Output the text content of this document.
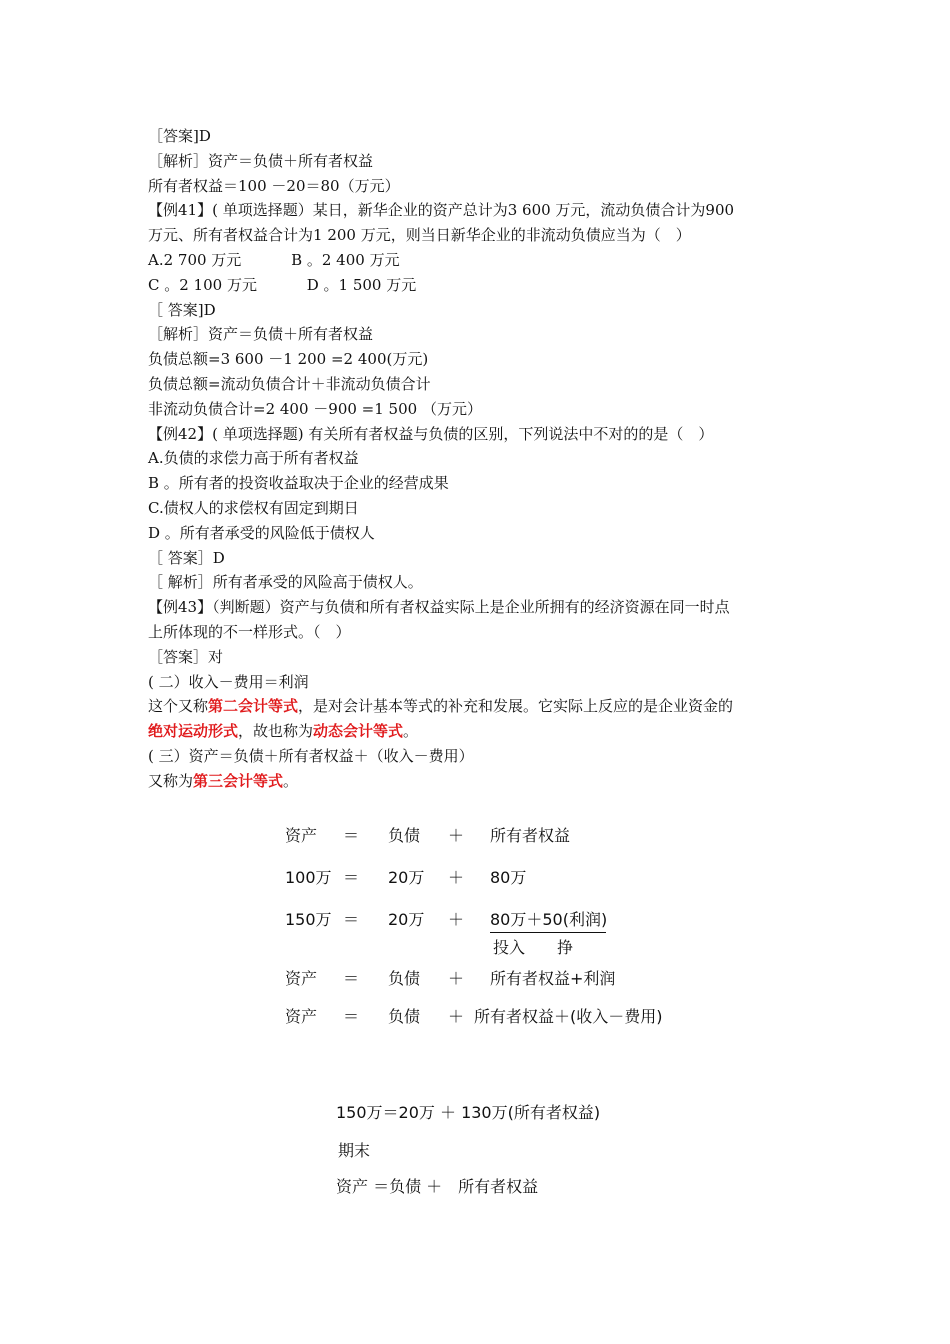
［答案]D
［解析］资产＝负债＋所有者权益
所有者权益＝100 －20＝80（万元）
【例41】( 单项选择题）某日，新华企业的资产总计为3 600 万元，流动负债合计为900
万元、所有者权益合计为1 200 万元，则当日新华企业的非流动负债应当为（　）
A.2 700 万元　　　 B 。2 400 万元
C 。2 100 万元　　　 D 。1 500 万元
［ 答案]D
［解析］资产＝负债＋所有者权益
负债总额=3 600 －1 200 =2 400(万元)
负债总额=流动负债合计＋非流动负债合计
非流动负债合计=2 400 －900 =1 500 （万元）
【例42】( 单项选择题) 有关所有者权益与负债的区别，下列说法中不对的的是（　）
A.负债的求偿力高于所有者权益
B 。所有者的投资收益取决于企业的经营成果
C.债权人的求偿权有固定到期日
D 。所有者承受的风险低于债权人
［ 答案］D
［ 解析］所有者承受的风险高于债权人。
【例43】（判断题）资产与负债和所有者权益实际上是企业所拥有的经济资源在同一时点
上所体现的不一样形式。（　）
［答案］对
( 二）收入－费用＝利润
这个又称第二会计等式，是对会计基本等式的补充和发展。它实际上反应的是企业资金的
绝对运动形式，故也称为动态会计等式。
( 三）资产＝负债＋所有者权益＋（收入－费用）
又称为第三会计等式。
资产 ＝ 负债 ＋ 所有者权益
100万 ＝ 20万 ＋ 80万
150万 ＝ 20万 ＋ 80万＋50(利润)
投入　　挣
资产 ＝ 负债 ＋ 所有者权益+利润
资产 ＝ 负债 ＋ 所有者权益＋(收入－费用)
150万＝20万 ＋ 130万(所有者权益)
期末
资产 ＝负债 ＋　所有者权益
